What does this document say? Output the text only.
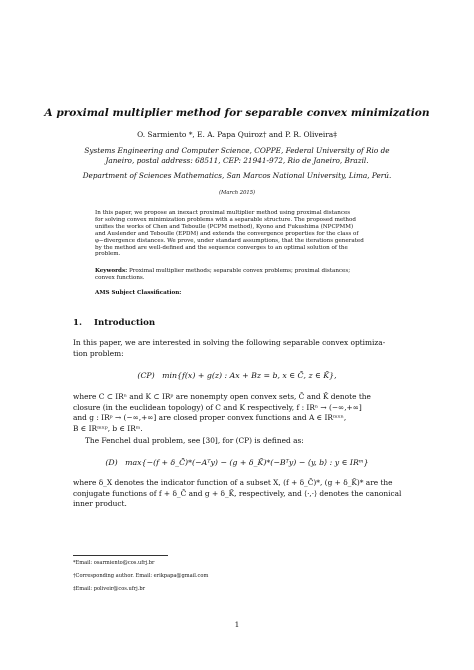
A proximal multiplier method for separable convex minimization
O. Sarmiento *, E. A. Papa Quiroz† and P. R. Oliveira‡
Systems Engineering and Computer Science, COPPE, Federal University of Rio de
Janeiro, postal address: 68511, CEP: 21941-972, Rio de Janeiro, Brazil.
Department of Sciences Mathematics, San Marcos National University, Lima, Perú.
(March 2015)
In this paper, we propose an inexact proximal multiplier method using proximal distances
for solving convex minimization problems with a separable structure. The proposed method
unifies the works of Chen and Teboulle (PCPM method), Kyono and Fukushima (NPCPMM)
and Auslender and Teboulle (EPDM) and extends the convergence properties for the class of
φ−divergence distances. We prove, under standard assumptions, that the iterations generated
by the method are well-defined and the sequence converges to an optimal solution of the
problem.
Keywords: Proximal multiplier methods; separable convex problems; proximal distances;
convex functions.
AMS Subject Classification:
1. Introduction
In this paper, we are interested in solving the following separable convex optimiza-
tion problem:
(CP) min{f(x) + g(z) : Ax + Bz = b, x ∈ C̄, z ∈ K̄},
where C ⊂ IRⁿ and K ⊂ IRᵖ are nonempty open convex sets, C̄ and K̄ denote the
closure (in the euclidean topology) of C and K respectively, f : IRⁿ → (−∞,+∞]
and g : IRᵖ → (−∞,+∞] are closed proper convex functions and A ∈ IRᵐˣⁿ,
B ∈ IRᵐˣᵖ, b ∈ IRᵐ.
The Fenchel dual problem, see [30], for (CP) is defined as:
(D) max{−(f + δ_C̄)*(−Aᵀy) − (g + δ_K̄)*(−Bᵀy) − ⟨y, b⟩ : y ∈ IRᵐ}
where δ_X denotes the indicator function of a subset X, (f + δ_C̄)*, (g + δ_K̄)* are the
conjugate functions of f + δ_C̄ and g + δ_K̄, respectively, and ⟨·,·⟩ denotes the canonical
inner product.
*Email: osarmiento@cos.ufrj.br
†Corresponding author. Email: erikpapa@gmail.com
‡Email: poliveir@cos.ufrj.br
1
